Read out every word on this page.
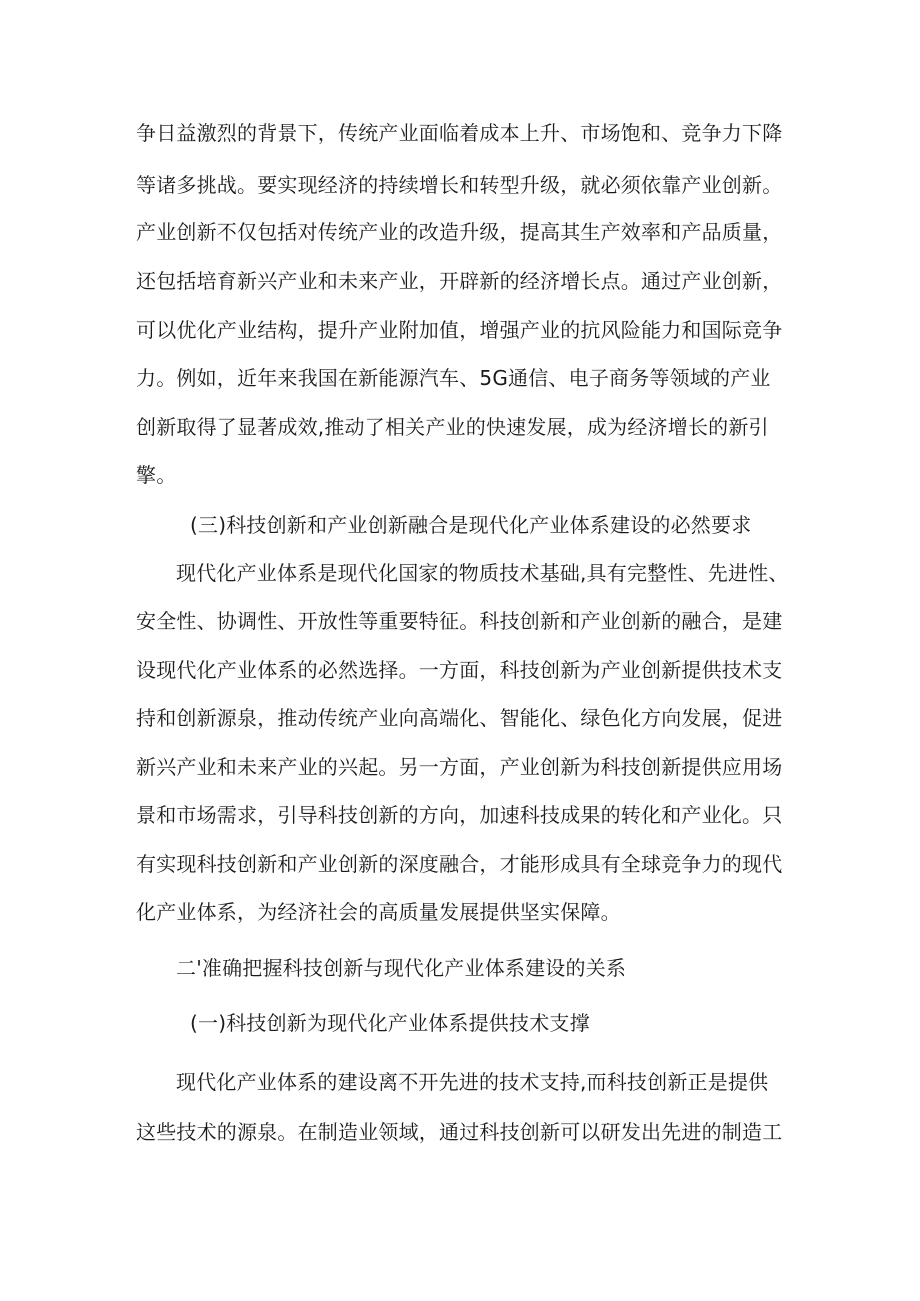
争日益激烈的背景下，传统产业面临着成本上升、市场饱和、竞争力下降
等诸多挑战。要实现经济的持续增长和转型升级，就必须依靠产业创新。
产业创新不仅包括对传统产业的改造升级，提高其生产效率和产品质量，
还包括培育新兴产业和未来产业，开辟新的经济增长点。通过产业创新，
可以优化产业结构，提升产业附加值，增强产业的抗风险能力和国际竞争
力。例如，近年来我国在新能源汽车、5G通信、电子商务等领域的产业
创新取得了显著成效,推动了相关产业的快速发展，成为经济增长的新引
擎。
(三)科技创新和产业创新融合是现代化产业体系建设的必然要求
现代化产业体系是现代化国家的物质技术基础,具有完整性、先进性、
安全性、协调性、开放性等重要特征。科技创新和产业创新的融合，是建
设现代化产业体系的必然选择。一方面，科技创新为产业创新提供技术支
持和创新源泉，推动传统产业向高端化、智能化、绿色化方向发展，促进
新兴产业和未来产业的兴起。另一方面，产业创新为科技创新提供应用场
景和市场需求，引导科技创新的方向，加速科技成果的转化和产业化。只
有实现科技创新和产业创新的深度融合，才能形成具有全球竞争力的现代
化产业体系，为经济社会的高质量发展提供坚实保障。
二'准确把握科技创新与现代化产业体系建设的关系
(一)科技创新为现代化产业体系提供技术支撑
现代化产业体系的建设离不开先进的技术支持,而科技创新正是提供
这些技术的源泉。在制造业领域，通过科技创新可以研发出先进的制造工
